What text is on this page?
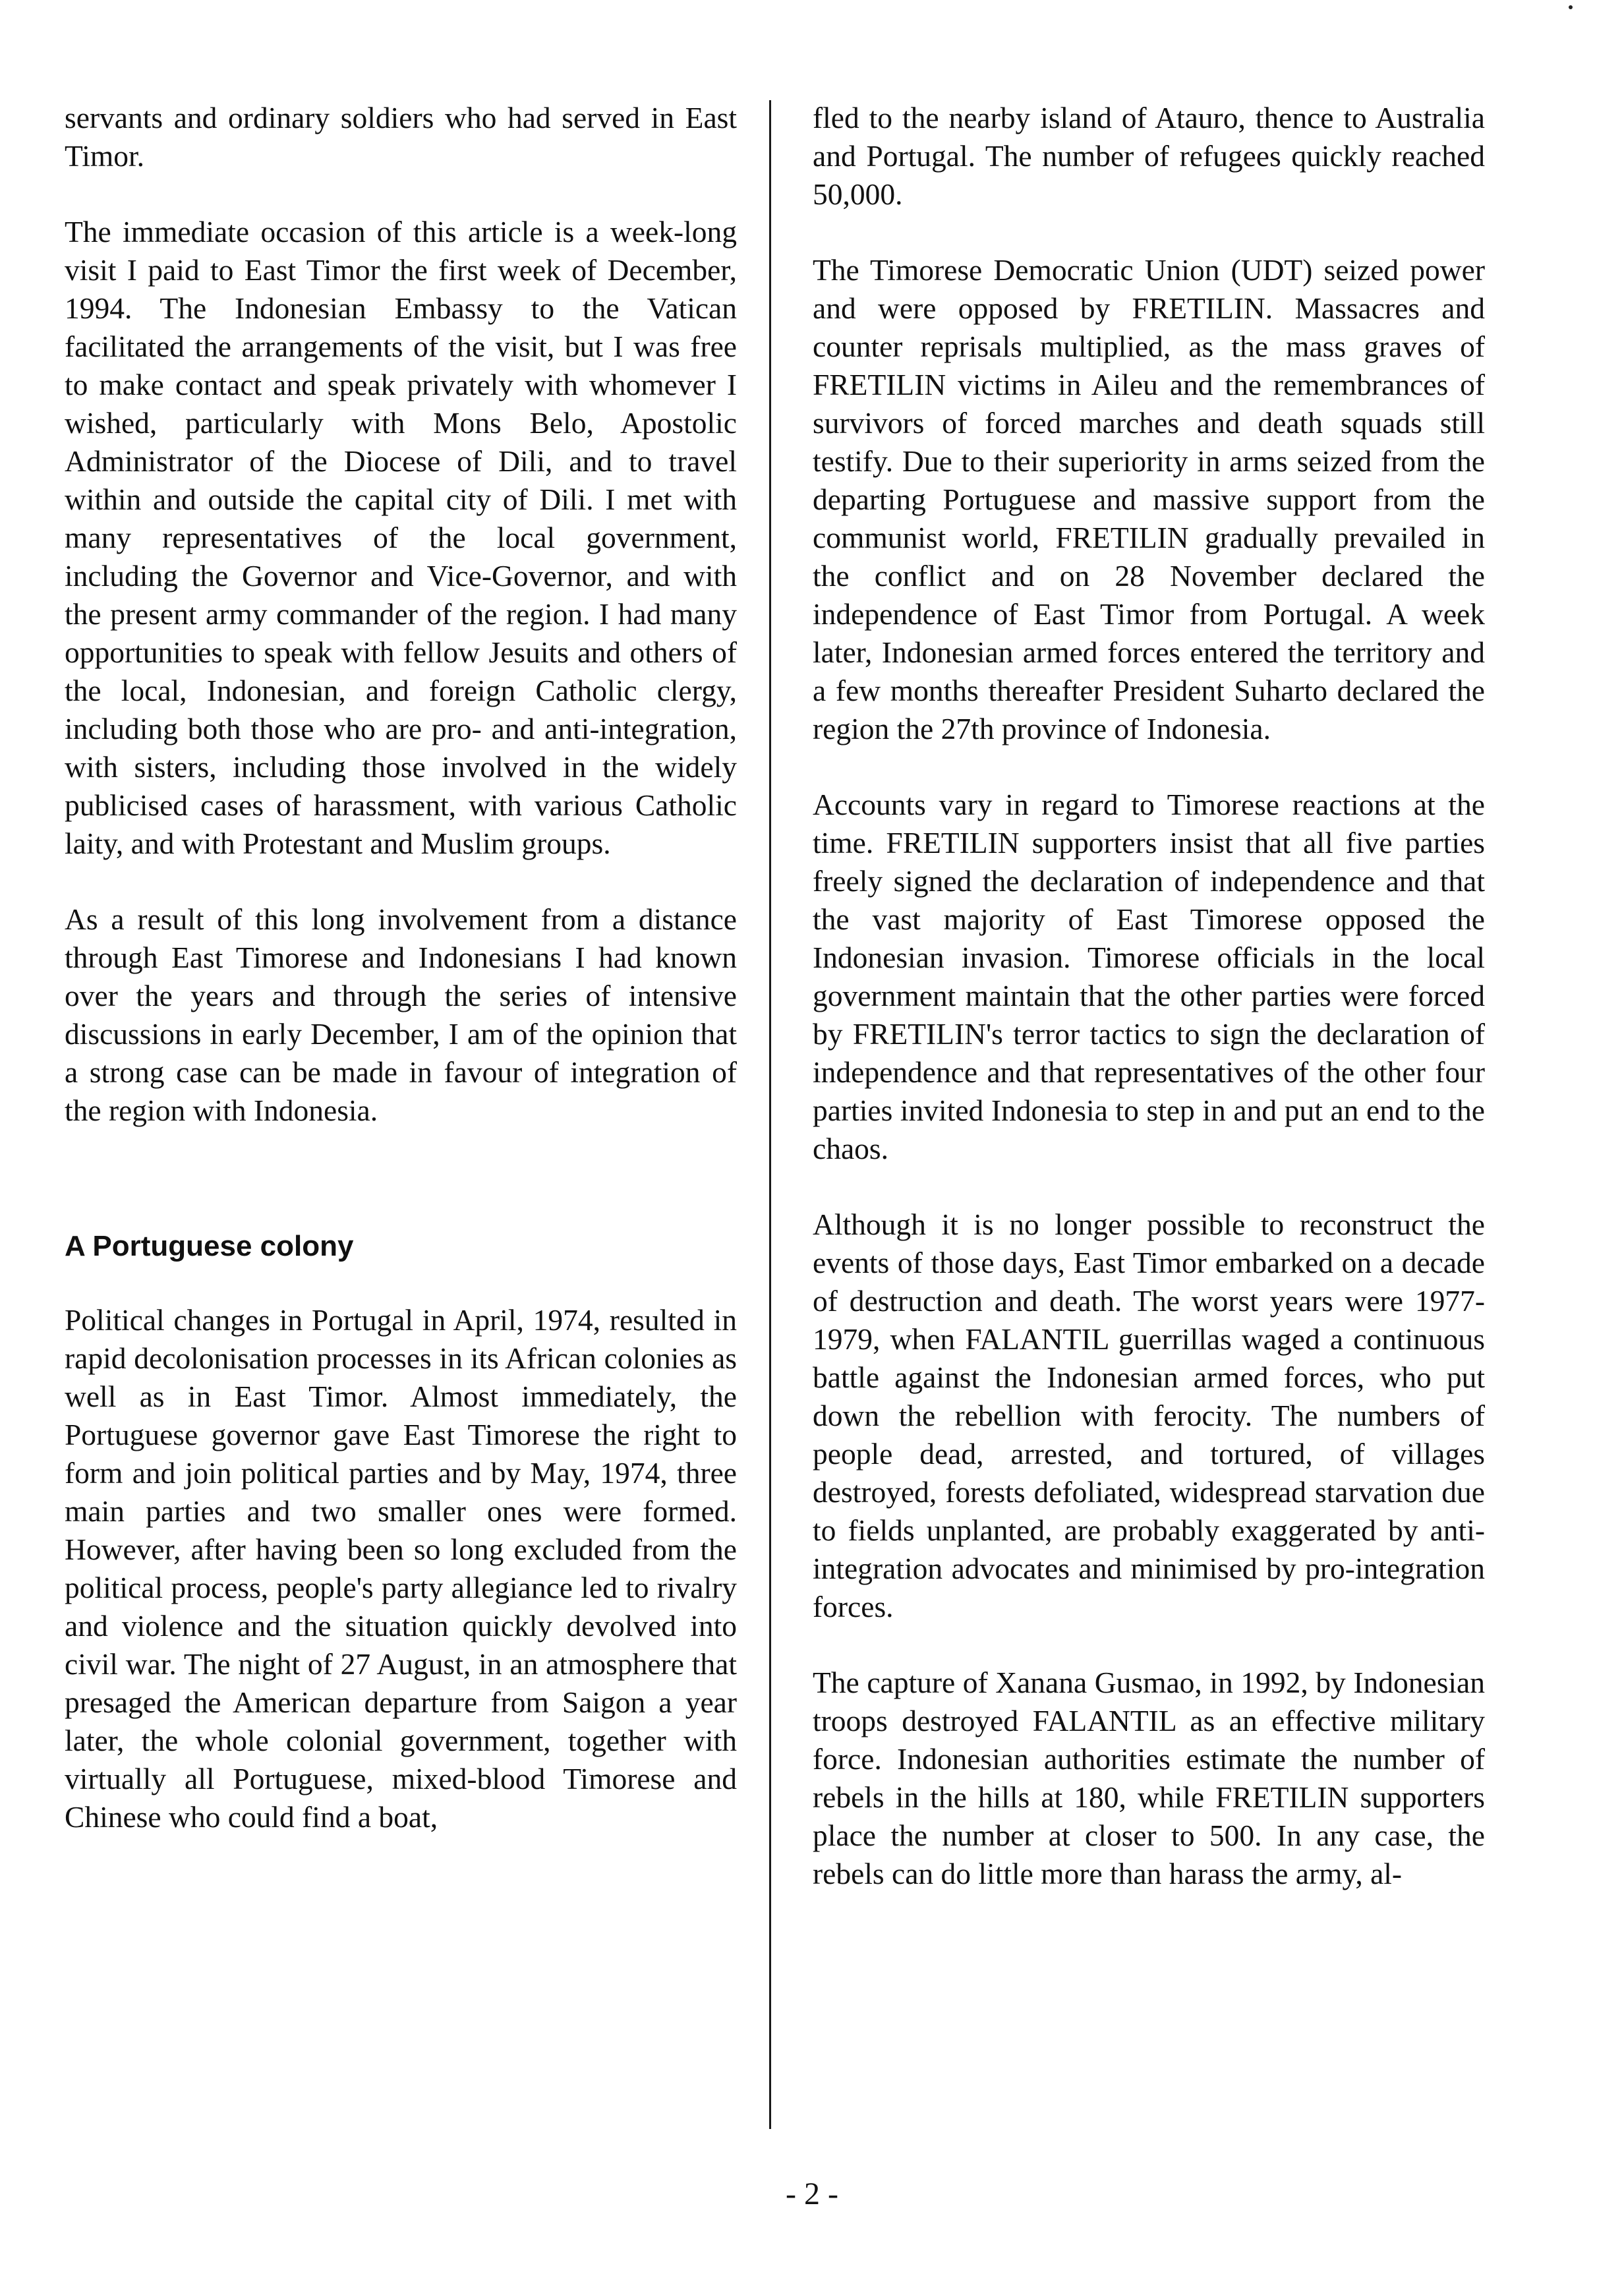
servants and ordinary soldiers who had served in East Timor.

The immediate occasion of this article is a week-long visit I paid to East Timor the first week of December, 1994. The Indonesian Embassy to the Vatican facilitated the arrangements of the visit, but I was free to make contact and speak privately with whomever I wished, particularly with Mons Belo, Apostolic Administrator of the Diocese of Dili, and to travel within and outside the capital city of Dili. I met with many representatives of the local government, including the Governor and Vice-Governor, and with the present army commander of the region. I had many opportunities to speak with fellow Jesuits and others of the local, Indonesian, and foreign Catholic clergy, including both those who are pro- and anti-integration, with sisters, including those involved in the widely publicised cases of harassment, with various Catholic laity, and with Protestant and Muslim groups.

As a result of this long involvement from a distance through East Timorese and Indonesians I had known over the years and through the series of intensive discussions in early December, I am of the opinion that a strong case can be made in favour of integration of the region with Indonesia.

A Portuguese colony

Political changes in Portugal in April, 1974, resulted in rapid decolonisation processes in its African colonies as well as in East Timor. Almost immediately, the Portuguese governor gave East Timorese the right to form and join political parties and by May, 1974, three main parties and two smaller ones were formed. However, after having been so long excluded from the political process, people's party allegiance led to rivalry and violence and the situation quickly devolved into civil war. The night of 27 August, in an atmosphere that presaged the American departure from Saigon a year later, the whole colonial government, together with virtually all Portuguese, mixed-blood Timorese and Chinese who could find a boat,

fled to the nearby island of Atauro, thence to Australia and Portugal. The number of refugees quickly reached 50,000.

The Timorese Democratic Union (UDT) seized power and were opposed by FRETILIN. Massacres and counter reprisals multiplied, as the mass graves of FRETILIN victims in Aileu and the remembrances of survivors of forced marches and death squads still testify. Due to their superiority in arms seized from the departing Portuguese and massive support from the communist world, FRETILIN gradually prevailed in the conflict and on 28 November declared the independence of East Timor from Portugal. A week later, Indonesian armed forces entered the territory and a few months thereafter President Suharto declared the region the 27th province of Indonesia.

Accounts vary in regard to Timorese reactions at the time. FRETILIN supporters insist that all five parties freely signed the declaration of independence and that the vast majority of East Timorese opposed the Indonesian invasion. Timorese officials in the local government maintain that the other parties were forced by FRETILIN's terror tactics to sign the declaration of independence and that representatives of the other four parties invited Indonesia to step in and put an end to the chaos.

Although it is no longer possible to reconstruct the events of those days, East Timor embarked on a decade of destruction and death. The worst years were 1977-1979, when FALANTIL guerrillas waged a continuous battle against the Indonesian armed forces, who put down the rebellion with ferocity. The numbers of people dead, arrested, and tortured, of villages destroyed, forests defoliated, widespread starvation due to fields unplanted, are probably exaggerated by anti-integration advocates and minimised by pro-integration forces.

The capture of Xanana Gusmao, in 1992, by Indonesian troops destroyed FALANTIL as an effective military force. Indonesian authorities estimate the number of rebels in the hills at 180, while FRETILIN supporters place the number at closer to 500. In any case, the rebels can do little more than harass the army, al-

- 2 -
